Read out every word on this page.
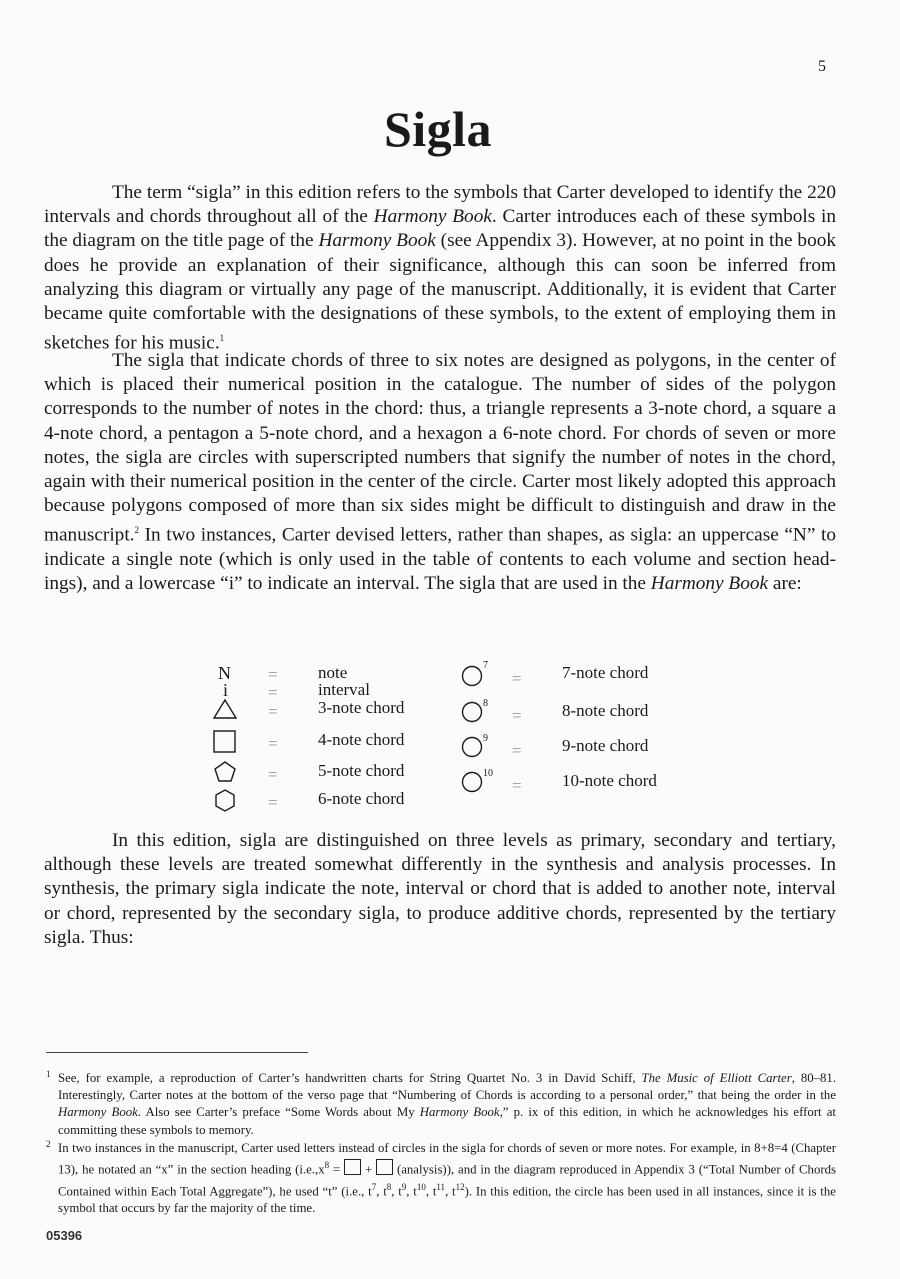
5
Sigla

The term “sigla” in this edition refers to the symbols that Carter developed to identify the 220 intervals and chords throughout all of the Harmony Book. Carter introduces each of these symbols in the diagram on the title page of the Harmony Book (see Appendix 3). However, at no point in the book does he provide an explanation of their significance, although this can soon be inferred from analyzing this diagram or virtually any page of the manuscript. Additionally, it is evident that Carter became quite comfortable with the designations of these symbols, to the extent of employing them in sketches for his music.$^1$

The sigla that indicate chords of three to six notes are designed as polygons, in the center of which is placed their numerical position in the catalogue. The number of sides of the polygon corresponds to the number of notes in the chord: thus, a triangle represents a 3-note chord, a square a 4-note chord, a pentagon a 5-note chord, and a hexagon a 6-note chord. For chords of seven or more notes, the sigla are circles with superscripted numbers that signify the number of notes in the chord, again with their numerical position in the center of the circle. Carter most likely adopted this approach because polygons composed of more than six sides might be difficult to distinguish and draw in the manuscript.$^2$ In two instances, Carter devised letters, rather than shapes, as sigla: an uppercase “N” to indicate a single note (which is only used in the table of contents to each volume and section headings), and a lowercase “i” to indicate an interval. The sigla that are used in the Harmony Book are:

N = note
i = interval
= 3-note chord
= 4-note chord
= 5-note chord
= 6-note chord
7
= 7-note chord
8
= 8-note chord
9
= 9-note chord
10
= 10-note chord

In this edition, sigla are distinguished on three levels as primary, secondary and tertiary, although these levels are treated somewhat differently in the synthesis and analysis processes. In synthesis, the primary sigla indicate the note, interval or chord that is added to another note, interval or chord, represented by the secondary sigla, to produce additive chords, represented by the tertiary sigla. Thus:

1 See, for example, a reproduction of Carter’s handwritten charts for String Quartet No. 3 in David Schiff, The Music of Elliott Carter, 80–81. Interestingly, Carter notes at the bottom of the verso page that “Numbering of Chords is according to a personal order,” that being the order in the Harmony Book. Also see Carter’s preface “Some Words about My Harmony Book,” p. ix of this edition, in which he acknowledges his effort at committing these symbols to memory.

2 In two instances in the manuscript, Carter used letters instead of circles in the sigla for chords of seven or more notes. For example, in 8+8=4 (Chapter 13), he notated an “x” in the section heading ($i.e.,x^8$ =  +  (analysis)), and in the diagram reproduced in Appendix 3 (“Total Number of Chords Contained within Each Total Aggregate”), he used “t” (i.e., $t^7$, $t^8$, $t^9$, $t^{10}$, $t^{11}$, $t^{12}$). In this edition, the circle has been used in all instances, since it is the symbol that occurs by far the majority of the time.

05396
